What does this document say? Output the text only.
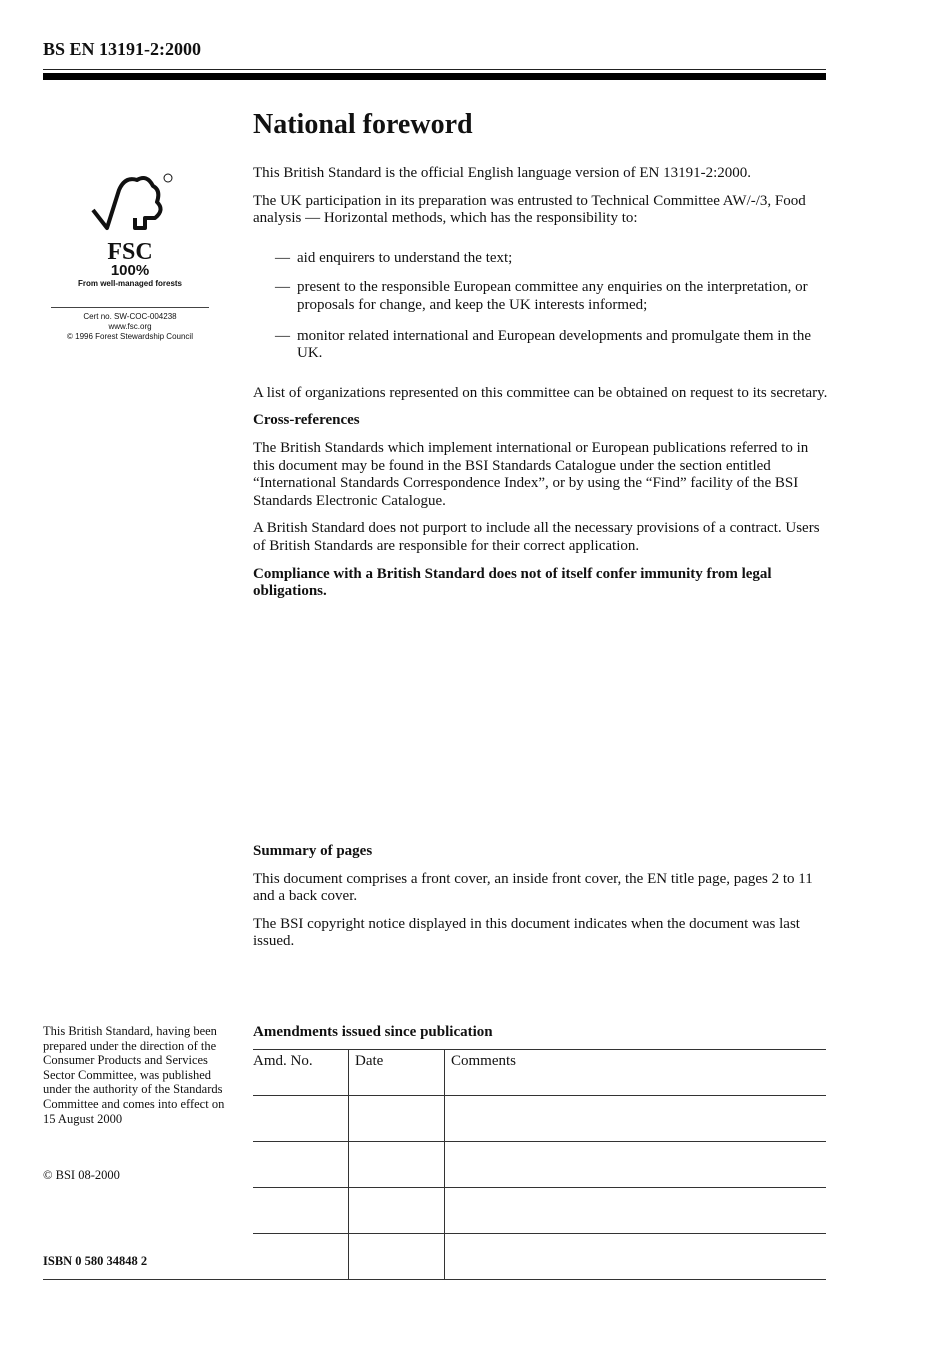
BS EN 13191-2:2000
National foreword
FSC
100%
From well-managed forests
Cert no. SW-COC-004238
www.fsc.org
© 1996 Forest Stewardship Council

This British Standard is the official English language version of EN 13191-2:2000.

The UK participation in its preparation was entrusted to Technical Committee AW/-/3, Food analysis — Horizontal methods, which has the responsibility to:

— aid enquirers to understand the text;
— present to the responsible European committee any enquiries on the interpretation, or proposals for change, and keep the UK interests informed;
— monitor related international and European developments and promulgate them in the UK.

A list of organizations represented on this committee can be obtained on request to its secretary.

Cross-references

The British Standards which implement international or European publications referred to in this document may be found in the BSI Standards Catalogue under the section entitled “International Standards Correspondence Index”, or by using the “Find” facility of the BSI Standards Electronic Catalogue.

A British Standard does not purport to include all the necessary provisions of a contract. Users of British Standards are responsible for their correct application.

Compliance with a British Standard does not of itself confer immunity from legal obligations.

Summary of pages

This document comprises a front cover, an inside front cover, the EN title page, pages 2 to 11 and a back cover.

The BSI copyright notice displayed in this document indicates when the document was last issued.

This British Standard, having been prepared under the direction of the Consumer Products and Services Sector Committee, was published under the authority of the Standards Committee and comes into effect on 15 August 2000
© BSI 08-2000
ISBN 0 580 34848 2

Amendments issued since publication

Amd. No.	Date	Comments
